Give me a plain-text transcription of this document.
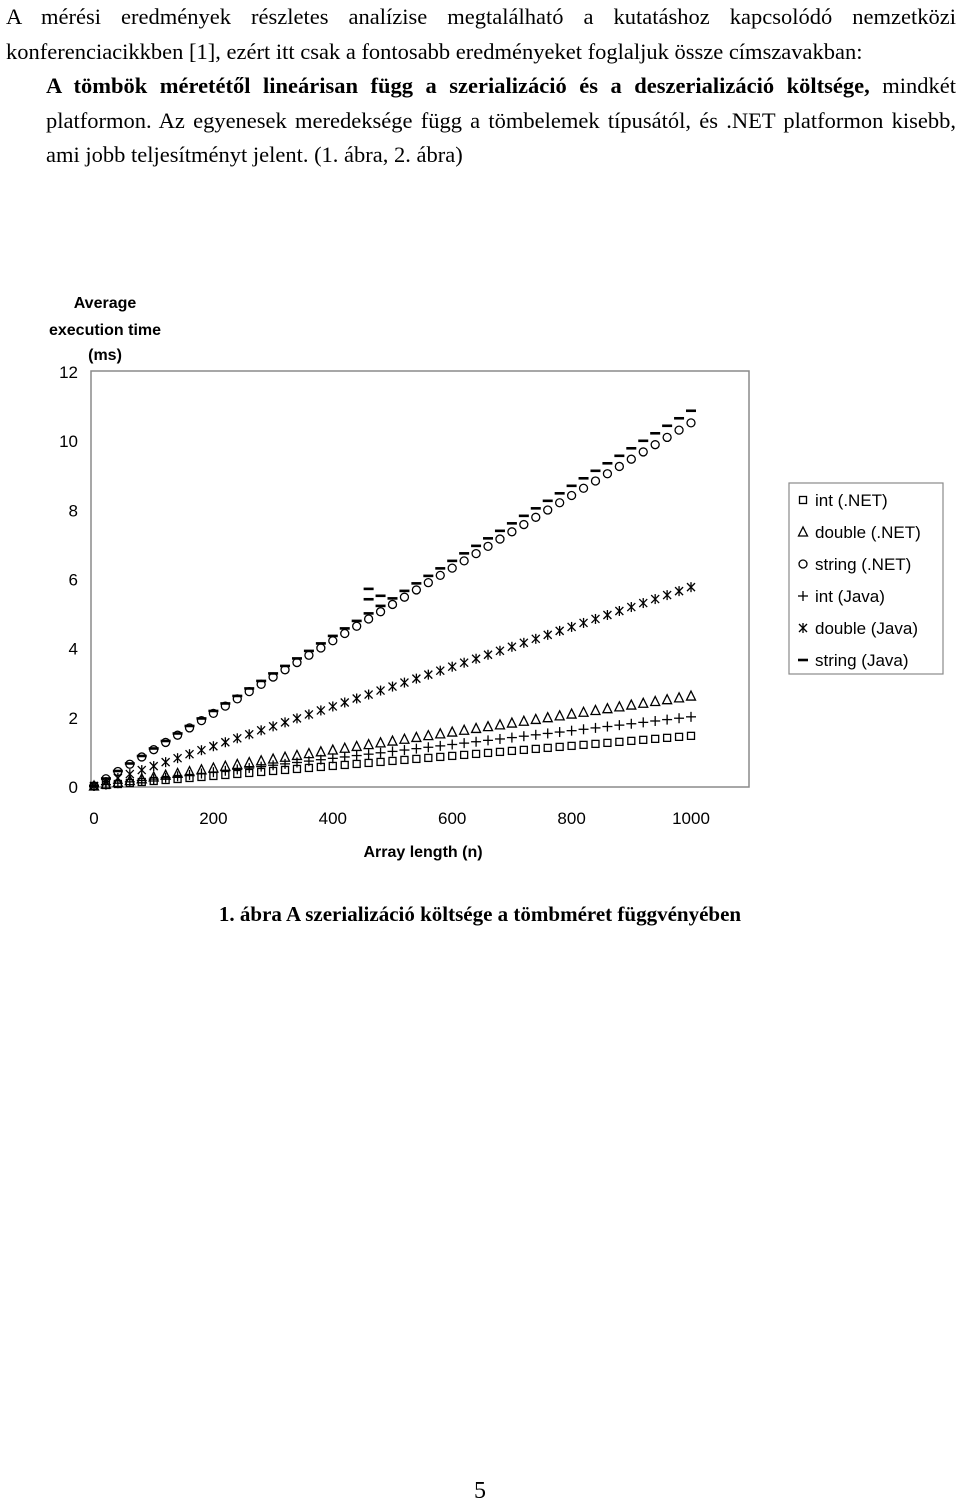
A mérési eredmények részletes analízise megtalálható a kutatáshoz kapcsolódó nemzetközi konferenciacikkben [1], ezért itt csak a fontosabb eredményeket foglaljuk össze címszavakban:

A tömbök méretétől lineárisan függ a szerializáció és a deszerializáció költsége, mindkét platformon. Az egyenesek meredeksége függ a tömbelemek típusától, és .NET platformon kisebb, ami jobb teljesítményt jelent. (1. ábra, 2. ábra)

Average
execution time
(ms)
0
2
4
6
8
10
12
0	200	400	600	800	1000
Array length (n)
int (.NET)
double (.NET)
string (.NET)
int (Java)
double (Java)
string (Java)
1. ábra A szerializáció költsége a tömbméret függvényében
5
